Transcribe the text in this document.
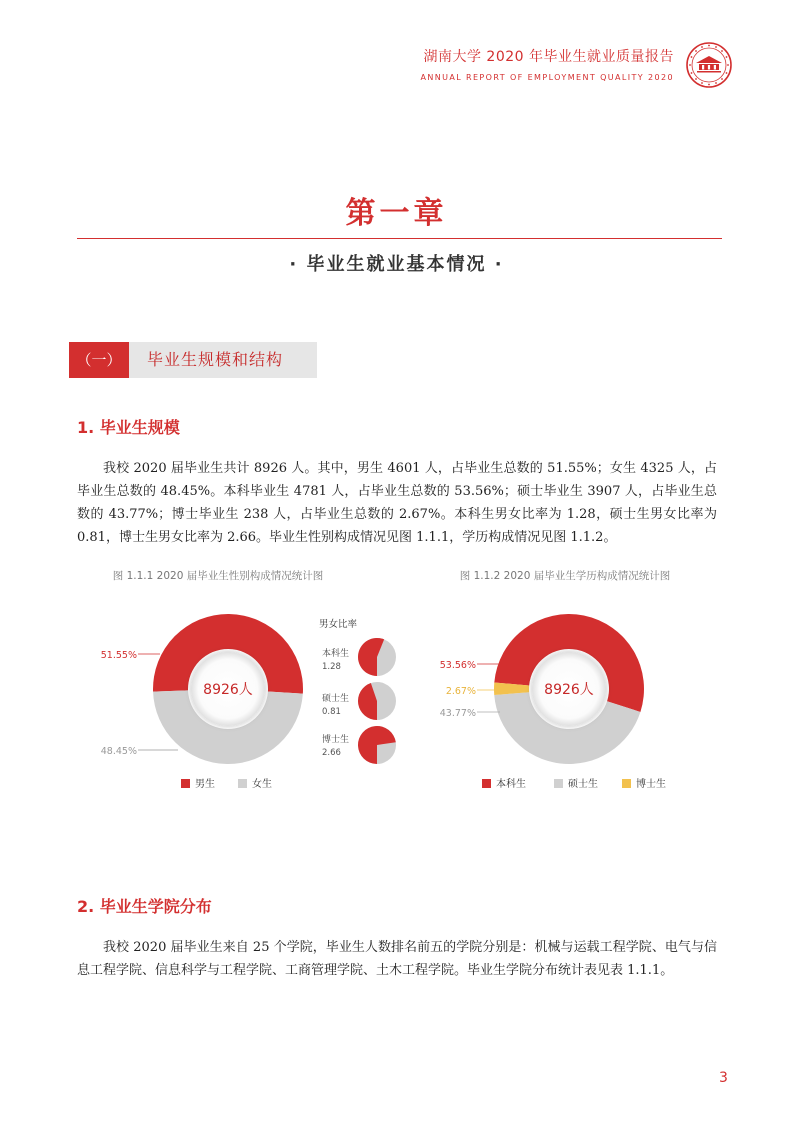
湖南大学 2020 年毕业生就业质量报告
ANNUAL REPORT OF EMPLOYMENT QUALITY 2020
第一章
· 毕业生就业基本情况 ·
（一）	毕业生规模和结构
1. 毕业生规模
我校 2020 届毕业生共计 8926 人。其中，男生 4601 人，占毕业生总数的 51.55%；女生 4325 人，占毕业生总数的 48.45%。本科毕业生 4781 人，占毕业生总数的 53.56%；硕士毕业生 3907 人，占毕业生总数的 43.77%；博士毕业生 238 人，占毕业生总数的 2.67%。本科生男女比率为 1.28，硕士生男女比率为 0.81，博士生男女比率为 2.66。毕业生性别构成情况见图 1.1.1，学历构成情况见图 1.1.2。
图 1.1.1 2020 届毕业生性别构成情况统计图
8926人
51.55%
48.45%
男女比率
本科生
1.28
硕士生
0.81
博士生
2.66
男生	女生
图 1.1.2 2020 届毕业生学历构成情况统计图
8926人
53.56%
2.67%
43.77%
本科生	硕士生	博士生
2. 毕业生学院分布
我校 2020 届毕业生来自 25 个学院，毕业生人数排名前五的学院分别是：机械与运载工程学院、电气与信息工程学院、信息科学与工程学院、工商管理学院、土木工程学院。毕业生学院分布统计表见表 1.1.1。
3
